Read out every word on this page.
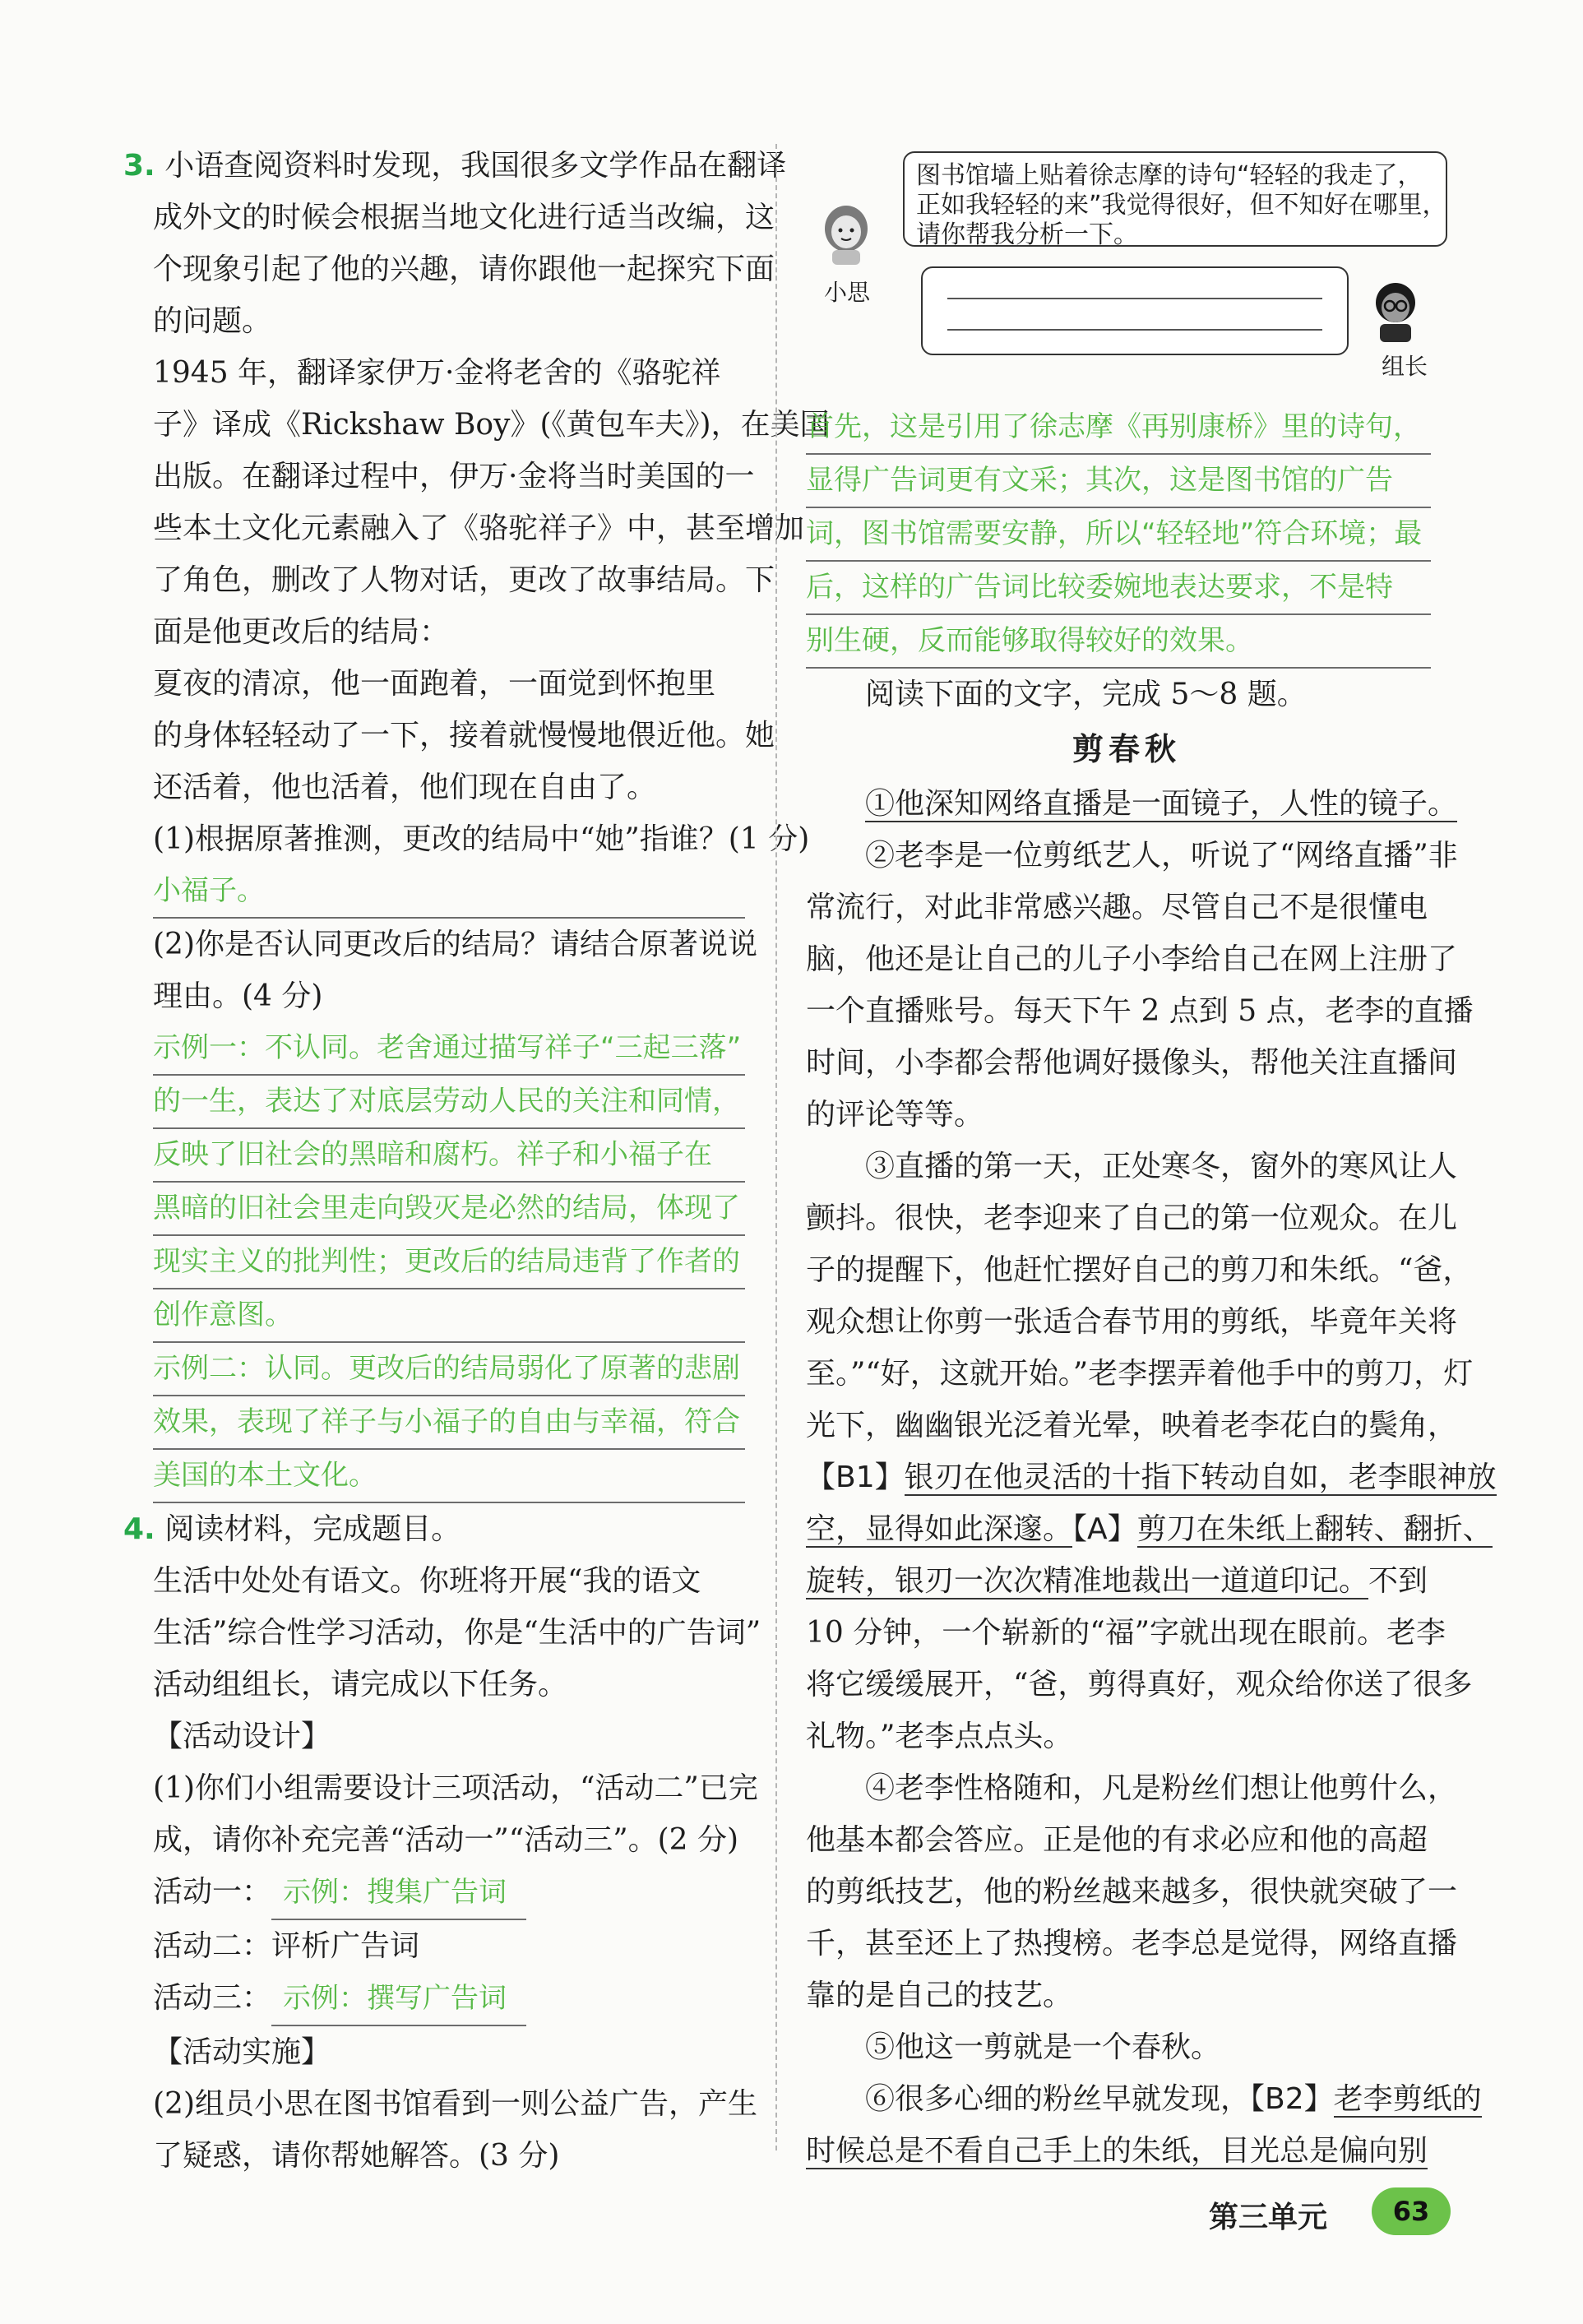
3. 小语查阅资料时发现，我国很多文学作品在翻译
成外文的时候会根据当地文化进行适当改编，这
个现象引起了他的兴趣，请你跟他一起探究下面
的问题。
1945 年，翻译家伊万·金将老舍的《骆驼祥
子》译成《Rickshaw Boy》(《黄包车夫》)，在美国
出版。在翻译过程中，伊万·金将当时美国的一
些本土文化元素融入了《骆驼祥子》中，甚至增加
了角色，删改了人物对话，更改了故事结局。下
面是他更改后的结局：
夏夜的清凉，他一面跑着，一面觉到怀抱里
的身体轻轻动了一下，接着就慢慢地偎近他。她
还活着，他也活着，他们现在自由了。
(1)根据原著推测，更改的结局中“她”指谁？(1 分)
小福子。
(2)你是否认同更改后的结局？请结合原著说说
理由。(4 分)
示例一：不认同。老舍通过描写祥子“三起三落”
的一生，表达了对底层劳动人民的关注和同情，
反映了旧社会的黑暗和腐朽。祥子和小福子在
黑暗的旧社会里走向毁灭是必然的结局，体现了
现实主义的批判性；更改后的结局违背了作者的
创作意图。
示例二：认同。更改后的结局弱化了原著的悲剧
效果，表现了祥子与小福子的自由与幸福，符合
美国的本土文化。
4. 阅读材料，完成题目。
生活中处处有语文。你班将开展“我的语文
生活”综合性学习活动，你是“生活中的广告词”
活动组组长，请完成以下任务。
【活动设计】
(1)你们小组需要设计三项活动，“活动二”已完
成，请你补充完善“活动一”“活动三”。(2 分)
活动一： 示例：搜集广告词
活动二：评析广告词
活动三： 示例：撰写广告词
【活动实施】
(2)组员小思在图书馆看到一则公益广告，产生
了疑惑，请你帮她解答。(3 分)
小思
图书馆墙上贴着徐志摩的诗句“轻轻的我走了，
正如我轻轻的来”我觉得很好，但不知好在哪里，
请你帮我分析一下。
组长
首先，这是引用了徐志摩《再别康桥》里的诗句，
显得广告词更有文采；其次，这是图书馆的广告
词，图书馆需要安静，所以“轻轻地”符合环境；最
后，这样的广告词比较委婉地表达要求，不是特
别生硬，反而能够取得较好的效果。
阅读下面的文字，完成 5～8 题。
剪春秋
①他深知网络直播是一面镜子，人性的镜子。
②老李是一位剪纸艺人，听说了“网络直播”非
常流行，对此非常感兴趣。尽管自己不是很懂电
脑，他还是让自己的儿子小李给自己在网上注册了
一个直播账号。每天下午 2 点到 5 点，老李的直播
时间，小李都会帮他调好摄像头，帮他关注直播间
的评论等等。
③直播的第一天，正处寒冬，窗外的寒风让人
颤抖。很快，老李迎来了自己的第一位观众。在儿
子的提醒下，他赶忙摆好自己的剪刀和朱纸。“爸，
观众想让你剪一张适合春节用的剪纸，毕竟年关将
至。”“好，这就开始。”老李摆弄着他手中的剪刀，灯
光下，幽幽银光泛着光晕，映着老李花白的鬓角，
【B1】银刃在他灵活的十指下转动自如，老李眼神放
空，显得如此深邃。【A】剪刀在朱纸上翻转、翻折、
旋转，银刃一次次精准地裁出一道道印记。不到
10 分钟，一个崭新的“福”字就出现在眼前。老李
将它缓缓展开，“爸，剪得真好，观众给你送了很多
礼物。”老李点点头。
④老李性格随和，凡是粉丝们想让他剪什么，
他基本都会答应。正是他的有求必应和他的高超
的剪纸技艺，他的粉丝越来越多，很快就突破了一
千，甚至还上了热搜榜。老李总是觉得，网络直播
靠的是自己的技艺。
⑤他这一剪就是一个春秋。
⑥很多心细的粉丝早就发现，【B2】老李剪纸的
时候总是不看自己手上的朱纸，目光总是偏向别
第三单元	63
